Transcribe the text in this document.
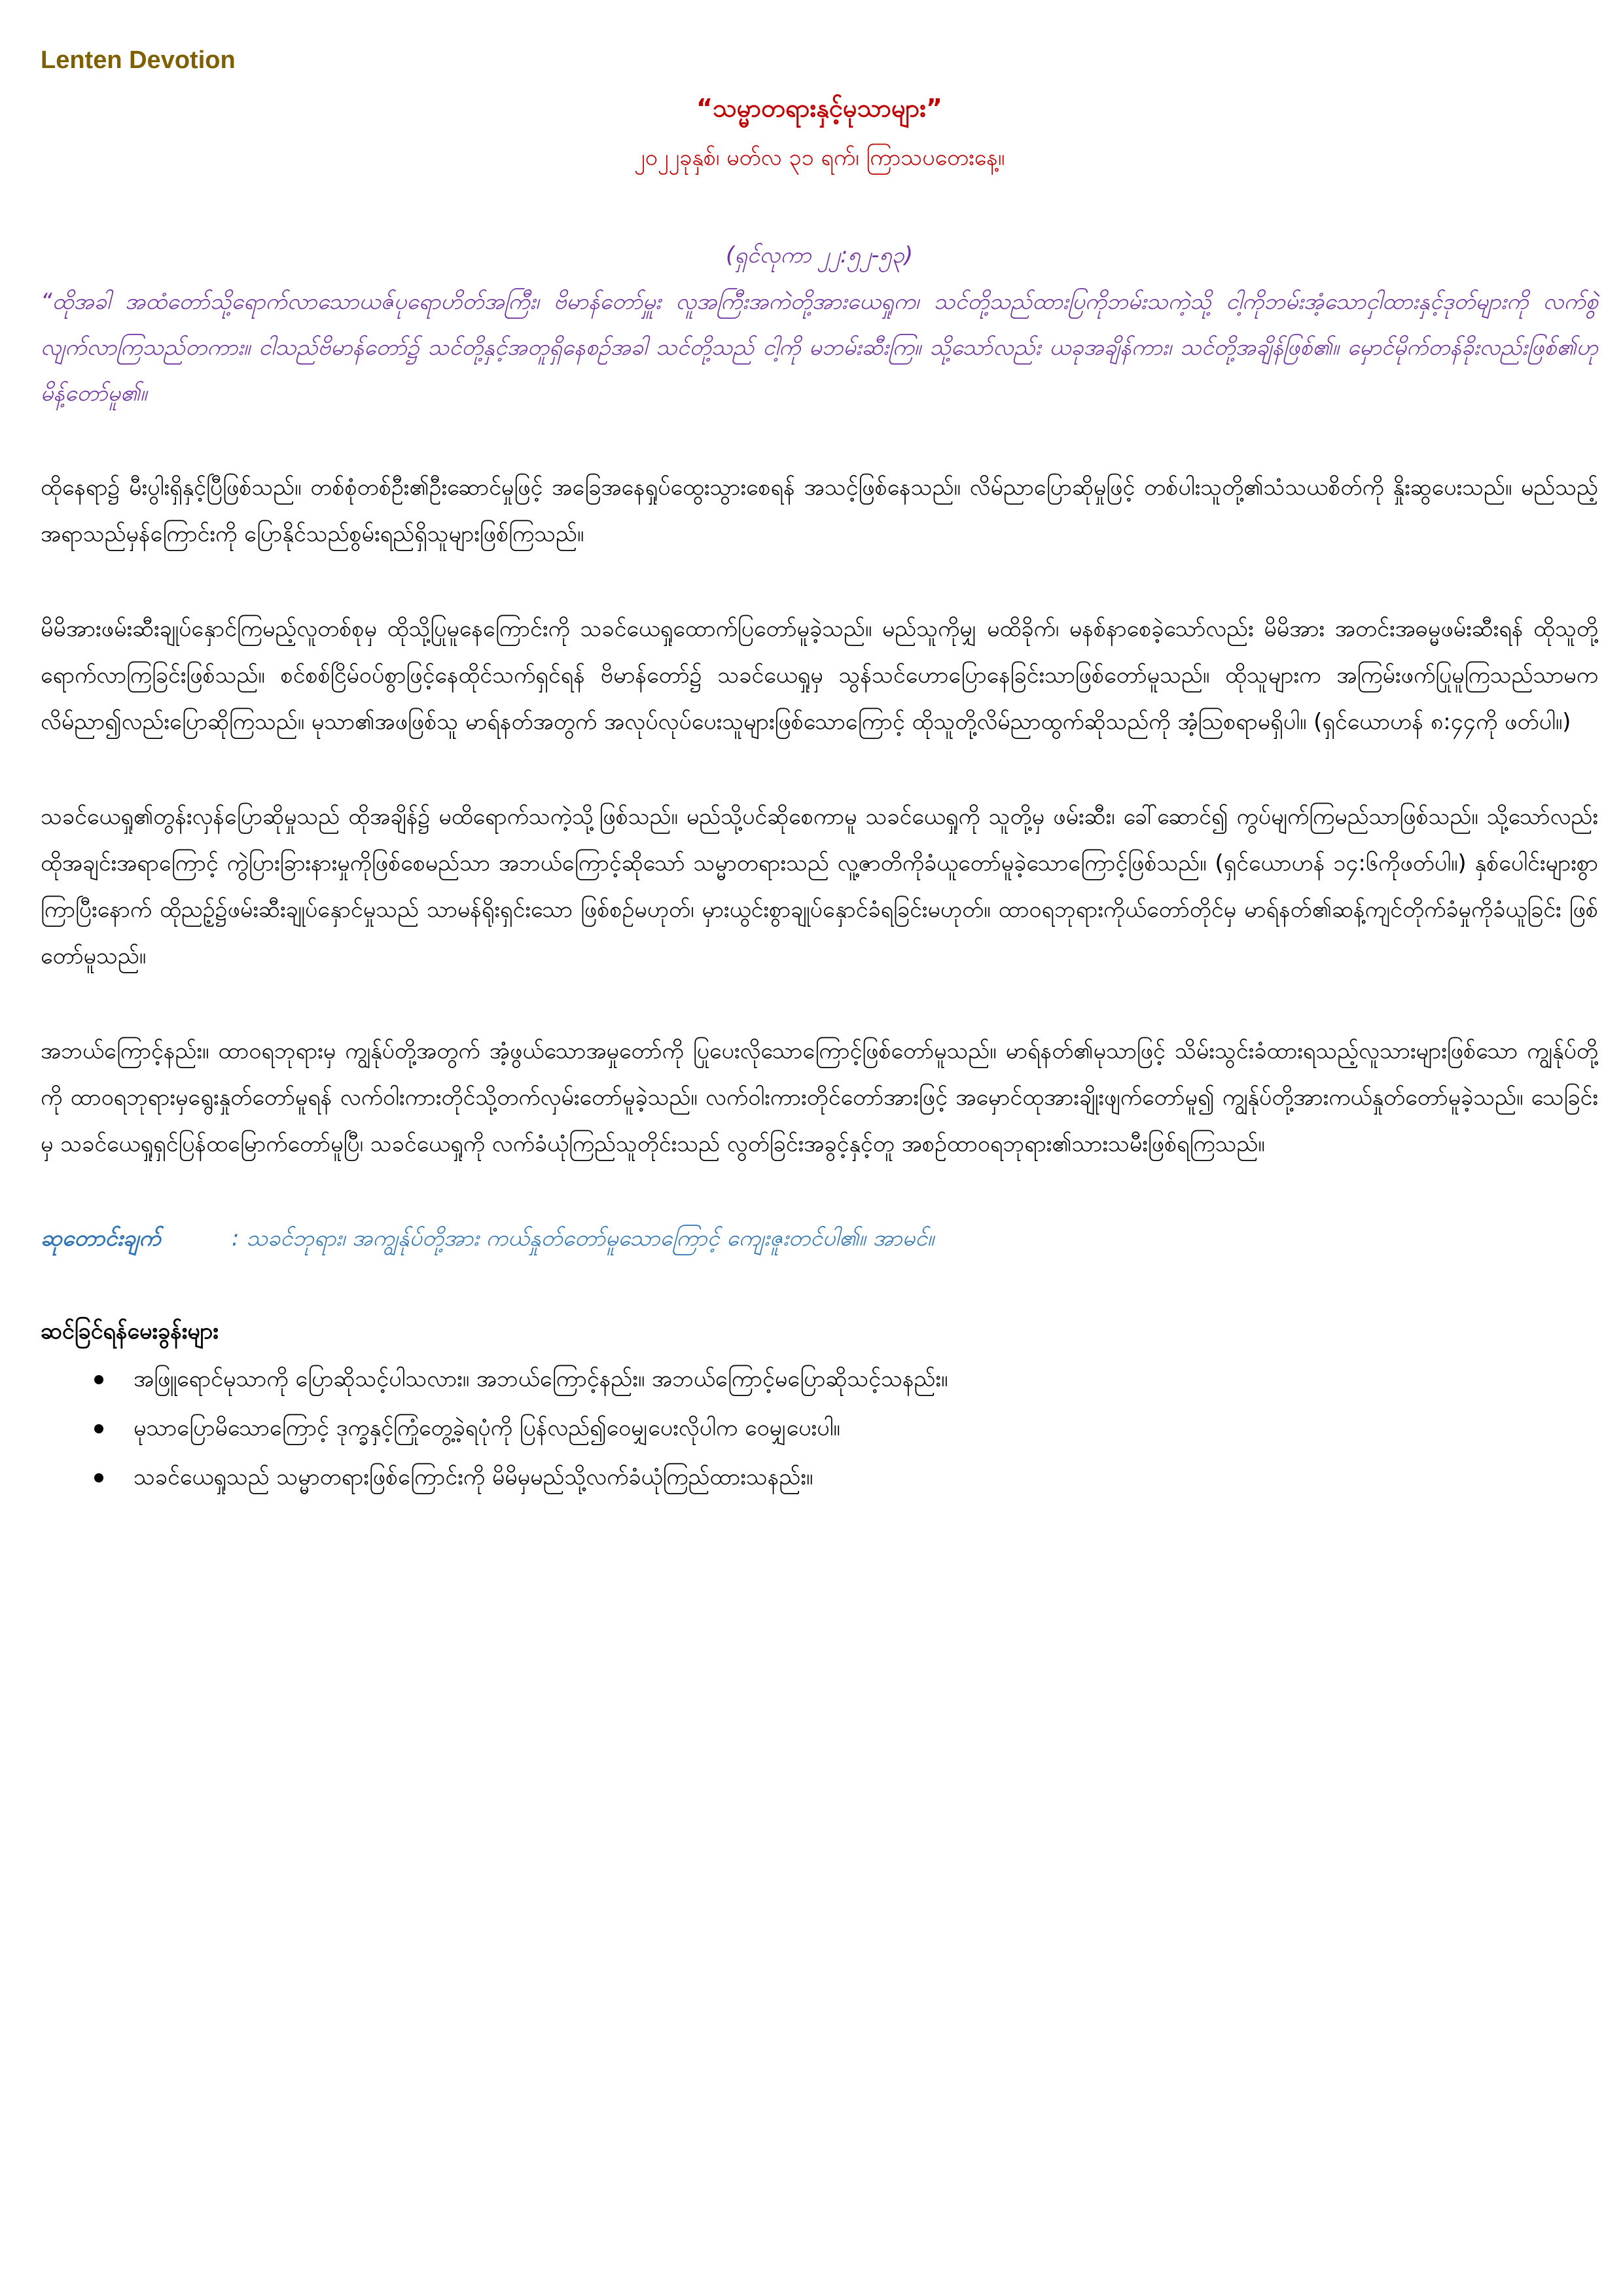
Lenten Devotion
“သမ္မာတရားနှင့်မုသာများ”
၂၀၂၂ခုနှစ်၊ မတ်လ ၃၁ ရက်၊ ကြာသပတေးနေ့။
(ရှင်လုကာ ၂၂:၅၂-၅၃)
“ထိုအခါ အထံတော်သို့ရောက်လာသောယဇ်ပုရောဟိတ်အကြီး၊ ဗိမာန်တော်မှူး လူအကြီးအကဲတို့အားယေရှုက၊ သင်တို့သည်ထားပြကိုဘမ်းသကဲ့သို့ ငါ့ကိုဘမ်းအံ့သောငှါထားနှင့်ဒုတ်များကို လက်စွဲလျက်လာကြသည်တကား။ ငါသည်ဗိမာန်တော်၌ သင်တို့နှင့်အတူရှိနေစဉ်အခါ သင်တို့သည် ငါ့ကို မဘမ်းဆီးကြ။ သို့သော်လည်း ယခုအချိန်ကား၊ သင်တို့အချိန်ဖြစ်၏။ မှောင်မိုက်တန်ခိုးလည်းဖြစ်၏ဟုမိန့်တော်မူ၏။

ထိုနေရာ၌ မီးပွါးရှိနှင့်ပြီဖြစ်သည်။ တစ်စုံတစ်ဦး၏ဦးဆောင်မှုဖြင့် အခြေအနေရှုပ်ထွေးသွားစေရန် အသင့်ဖြစ်နေသည်။ လိမ်ညာပြောဆိုမှုဖြင့် တစ်ပါးသူတို့၏သံသယစိတ်ကို နှိုးဆွပေးသည်။ မည်သည့်အရာသည်မှန်ကြောင်းကို ပြောနိုင်သည်စွမ်းရည်ရှိသူများဖြစ်ကြသည်။

မိမိအားဖမ်းဆီးချုပ်နှောင်ကြမည့်လူတစ်စုမှ ထိုသို့ပြုမူနေကြောင်းကို သခင်ယေရှုထောက်ပြတော်မူခဲ့သည်။ မည်သူကိုမျှ မထိခိုက်၊ မနစ်နာစေခဲ့သော်လည်း မိမိအား အတင်းအဓမ္မဖမ်းဆီးရန် ထိုသူတို့ရောက်လာကြခြင်းဖြစ်သည်။ စင်စစ်ငြိမ်ဝပ်စွာဖြင့်နေထိုင်သက်ရှင်ရန် ဗိမာန်တော်၌ သခင်ယေရှုမှ သွန်သင်ဟောပြောနေခြင်းသာဖြစ်တော်မူသည်။ ထိုသူများက အကြမ်းဖက်ပြုမူကြသည်သာမက လိမ်ညာ၍လည်းပြောဆိုကြသည်။ မုသာ၏အဖဖြစ်သူ မာရ်နတ်အတွက် အလုပ်လုပ်ပေးသူများဖြစ်သောကြောင့် ထိုသူတို့လိမ်ညာထွက်ဆိုသည်ကို အံ့သြစရာမရှိပါ။ (ရှင်ယောဟန် ၈:၄၄ကို ဖတ်ပါ။)

သခင်ယေရှု၏တွန်းလှန်ပြောဆိုမှုသည် ထိုအချိန်၌ မထိရောက်သကဲ့သို့ဖြစ်သည်။ မည်သို့ပင်ဆိုစေကာမူ သခင်ယေရှုကို သူတို့မှ ဖမ်းဆီး၊ ခေါ်ဆောင်၍ ကွပ်မျက်ကြမည်သာဖြစ်သည်။ သို့သော်လည်း ထိုအချင်းအရာကြောင့် ကွဲပြားခြားနားမှုကိုဖြစ်စေမည်သာ အဘယ်ကြောင့်ဆိုသော် သမ္မာတရားသည် လူ့ဇာတိကိုခံယူတော်မူခဲ့သောကြောင့်ဖြစ်သည်။ (ရှင်ယောဟန် ၁၄:၆ကိုဖတ်ပါ။) နှစ်ပေါင်းများစွာကြာပြီးနောက် ထိုညဉ့်၌ဖမ်းဆီးချုပ်နှောင်မှုသည် သာမန်ရိုးရှင်းသော ဖြစ်စဉ်မဟုတ်၊ မှားယွင်းစွာချုပ်နှောင်ခံရခြင်းမဟုတ်။ ထာဝရဘုရားကိုယ်တော်တိုင်မှ မာရ်နတ်၏ဆန့်ကျင်တိုက်ခံမှုကိုခံယူခြင်း ဖြစ်တော်မူသည်။

အဘယ်ကြောင့်နည်း။ ထာဝရဘုရားမှ ကျွန်ုပ်တို့အတွက် အံ့ဖွယ်သောအမှုတော်ကို ပြုပေးလိုသောကြောင့်ဖြစ်တော်မူသည်။ မာရ်နတ်၏မုသာဖြင့် သိမ်းသွင်းခံထားရသည့်လူသားများဖြစ်သော ကျွန်ုပ်တို့ကို ထာဝရဘုရားမှရွေးနှုတ်တော်မူရန် လက်ဝါးကားတိုင်သို့တက်လှမ်းတော်မူခဲ့သည်။ လက်ဝါးကားတိုင်တော်အားဖြင့် အမှောင်ထုအားချိုးဖျက်တော်မူ၍ ကျွန်ုပ်တို့အားကယ်နှုတ်တော်မူခဲ့သည်။ သေခြင်းမှ သခင်ယေရှုရှင်ပြန်ထမြောက်တော်မူပြီ၊ သခင်ယေရှုကို လက်ခံယုံကြည်သူတိုင်းသည် လွတ်ခြင်းအခွင့်နှင့်တူ အစဉ်ထာဝရဘုရား၏သားသမီးဖြစ်ရကြသည်။

ဆုတောင်းချက်	: သခင်ဘုရား၊ အကျွန်ုပ်တို့အား ကယ်နှုတ်တော်မူသောကြောင့် ကျေးဇူးတင်ပါ၏။ အာမင်။
ဆင်ခြင်ရန်မေးခွန်းများ
အဖြူရောင်မုသာကို ပြောဆိုသင့်ပါသလား။ အဘယ်ကြောင့်နည်း။ အဘယ်ကြောင့်မပြောဆိုသင့်သနည်း။
မုသာပြောမိသောကြောင့် ဒုက္ခနှင့်ကြုံတွေ့ခဲ့ရပုံကို ပြန်လည်၍ဝေမျှပေးလိုပါက ဝေမျှပေးပါ။
သခင်ယေရှုသည် သမ္မာတရားဖြစ်ကြောင်းကို မိမိမှမည်သို့လက်ခံယုံကြည်ထားသနည်း။
